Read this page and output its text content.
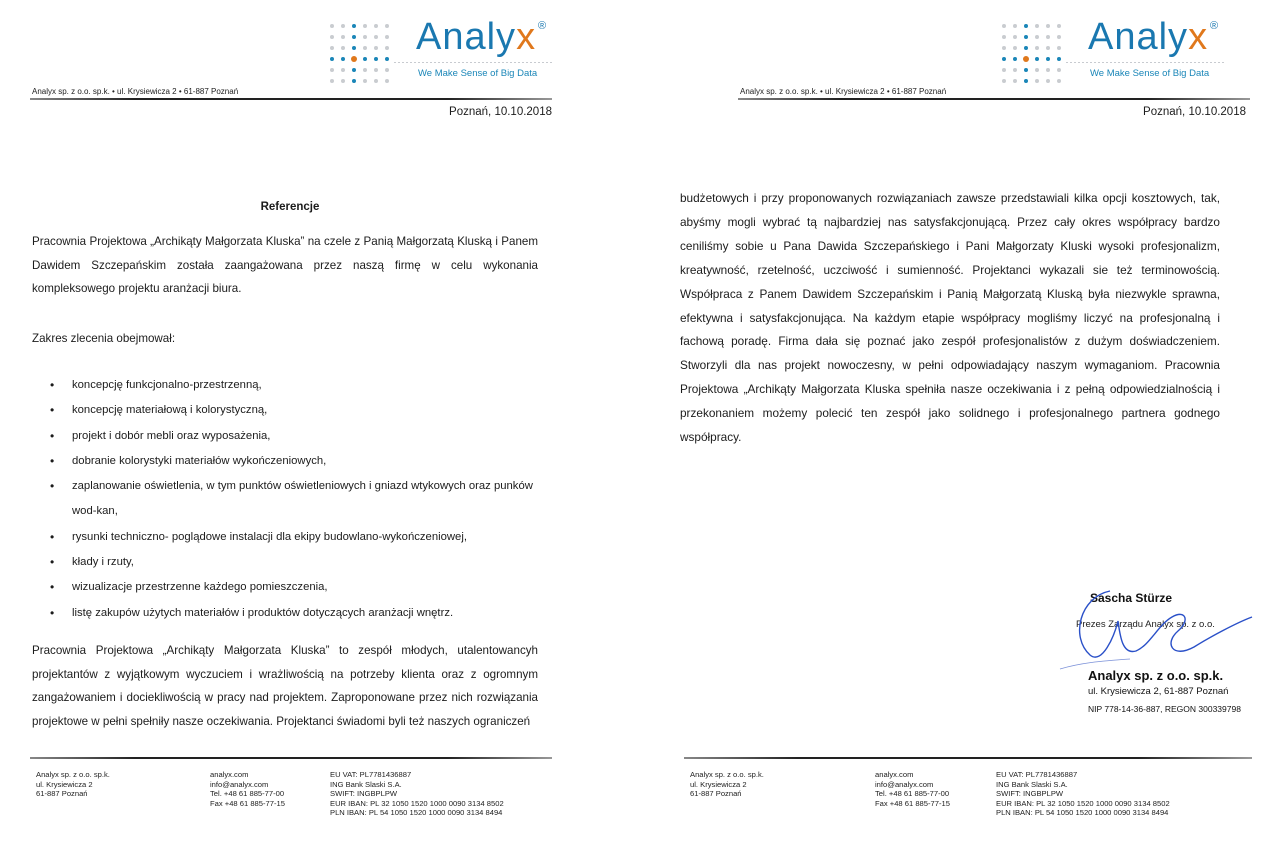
Analyx ®
We Make Sense of Big Data
Analyx sp. z o.o. sp.k. • ul. Krysiewicza 2 • 61-887 Poznań
Poznań, 10.10.2018
Referencje
Pracownia Projektowa „Archikąty Małgorzata Kluska” na czele z Panią Małgorzatą Kluską i Panem Dawidem Szczepańskim została zaangażowana przez naszą firmę w celu wykonania kompleksowego projektu aranżacji biura.
Zakres zlecenia obejmował:
• koncepcję funkcjonalno-przestrzenną,
• koncepcję materiałową i kolorystyczną,
• projekt i dobór mebli oraz wyposażenia,
• dobranie kolorystyki materiałów wykończeniowych,
• zaplanowanie oświetlenia, w tym punktów oświetleniowych i gniazd wtykowych oraz punków wod-kan,
• rysunki techniczno- poglądowe instalacji dla ekipy budowlano-wykończeniowej,
• kłady i rzuty,
• wizualizacje przestrzenne każdego pomieszczenia,
• listę zakupów użytych materiałów i produktów dotyczących aranżacji wnętrz.
Pracownia Projektowa „Archikąty Małgorzata Kluska” to zespół młodych, utalentowancyh projektantów z wyjątkowym wyczuciem i wrażliwością na potrzeby klienta oraz z ogromnym zangażowaniem i dociekliwością w pracy nad projektem. Zaproponowane przez nich rozwiązania projektowe w pełni spełniły nasze oczekiwania. Projektanci świadomi byli też naszych ograniczeń
Analyx sp. z o.o. sp.k.
ul. Krysiewicza 2
61-887 Poznań
analyx.com
info@analyx.com
Tel. +48 61 885-77-00
Fax +48 61 885-77-15
EU VAT: PL7781436887
ING Bank Slaski S.A.
SWIFT: INGBPLPW
EUR IBAN: PL 32 1050 1520 1000 0090 3134 8502
PLN IBAN: PL 54 1050 1520 1000 0090 3134 8494
Analyx ®
We Make Sense of Big Data
Analyx sp. z o.o. sp.k. • ul. Krysiewicza 2 • 61-887 Poznań
Poznań, 10.10.2018
budżetowych i przy proponowanych rozwiązaniach zawsze przedstawiali kilka opcji kosztowych, tak, abyśmy mogli wybrać tą najbardziej nas satysfakcjonującą. Przez cały okres współpracy bardzo ceniliśmy sobie u Pana Dawida Szczepańskiego i Pani Małgorzaty Kluski wysoki profesjonalizm, kreatywność, rzetelność, uczciwość i sumienność. Projektanci wykazali sie też terminowością. Współpraca z Panem Dawidem Szczepańskim i Panią Małgorzatą Kluską była niezwykle sprawna, efektywna i satysfakcjonująca. Na każdym etapie współpracy mogliśmy liczyć na profesjonalną i fachową poradę. Firma dała się poznać jako zespół profesjonalistów z dużym doświadczeniem. Stworzyli dla nas projekt nowoczesny, w pełni odpowiadający naszym wymaganiom. Pracownia Projektowa „Archikąty Małgorzata Kluska spełniła nasze oczekiwania i z pełną odpowiedzialnością i przekonaniem możemy polecić ten zespół jako solidnego i profesjonalnego partnera godnego współpracy.
Sascha Stürze
Prezes Zarządu Analyx sp. z o.o.
Analyx sp. z o.o. sp.k.
ul. Krysiewicza 2, 61-887 Poznań
NIP 778-14-36-887, REGON 300339798
Analyx sp. z o.o. sp.k.
ul. Krysiewicza 2
61-887 Poznań
analyx.com
info@analyx.com
Tel. +48 61 885-77-00
Fax +48 61 885-77-15
EU VAT: PL7781436887
ING Bank Slaski S.A.
SWIFT: INGBPLPW
EUR IBAN: PL 32 1050 1520 1000 0090 3134 8502
PLN IBAN: PL 54 1050 1520 1000 0090 3134 8494
